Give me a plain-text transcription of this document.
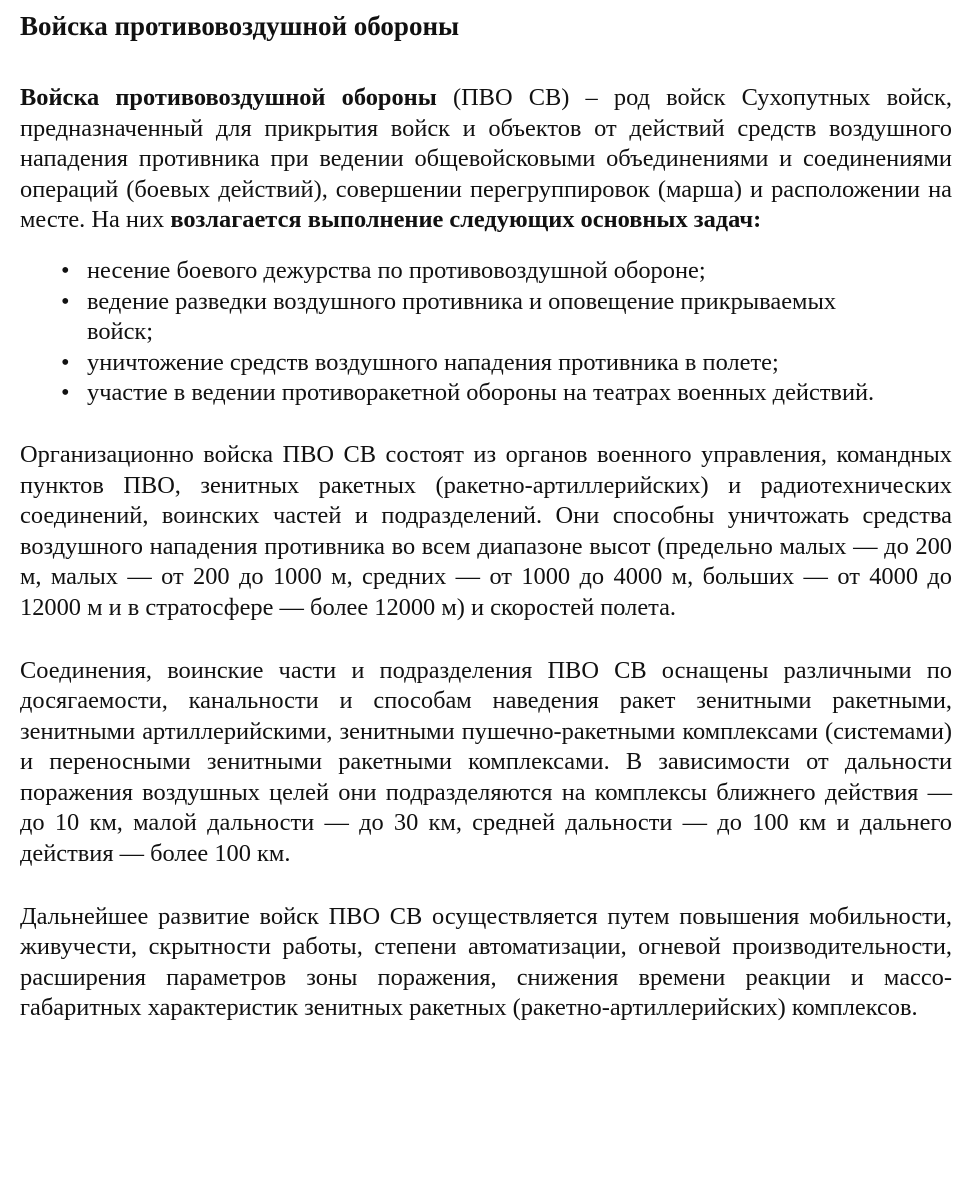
Войска противовоздушной обороны

Войска противовоздушной обороны (ПВО СВ) – род войск Сухопутных войск, предназначенный для прикрытия войск и объектов от действий средств воздушного нападения противника при ведении общевойсковыми объединениями и соединениями операций (боевых действий), совершении перегруппировок (марша) и расположении на месте. На них возлагается выполнение следующих основных задач:

• несение боевого дежурства по противовоздушной обороне;
• ведение разведки воздушного противника и оповещение прикрываемых войск;
• уничтожение средств воздушного нападения противника в полете;
• участие в ведении противоракетной обороны на театрах военных действий.

Организационно войска ПВО СВ состоят из органов военного управления, командных пунктов ПВО, зенитных ракетных (ракетно-артиллерийских) и радиотехнических соединений, воинских частей и подразделений. Они способны уничтожать средства воздушного нападения противника во всем диапазоне высот (предельно малых — до 200 м, малых — от 200 до 1000 м, средних — от 1000 до 4000 м, больших — от 4000 до 12000 м и в стратосфере — более 12000 м) и скоростей полета.

Соединения, воинские части и подразделения ПВО СВ оснащены различными по досягаемости, канальности и способам наведения ракет зенитными ракетными, зенитными артиллерийскими, зенитными пушечно-ракетными комплексами (системами) и переносными зенитными ракетными комплексами. В зависимости от дальности поражения воздушных целей они подразделяются на комплексы ближнего действия — до 10 км, малой дальности — до 30 км, средней дальности — до 100 км и дальнего действия — более 100 км.

Дальнейшее развитие войск ПВО СВ осуществляется путем повышения мобильности, живучести, скрытности работы, степени автоматизации, огневой производительности, расширения параметров зоны поражения, снижения времени реакции и массо-габаритных характеристик зенитных ракетных (ракетно-артиллерийских) комплексов.
